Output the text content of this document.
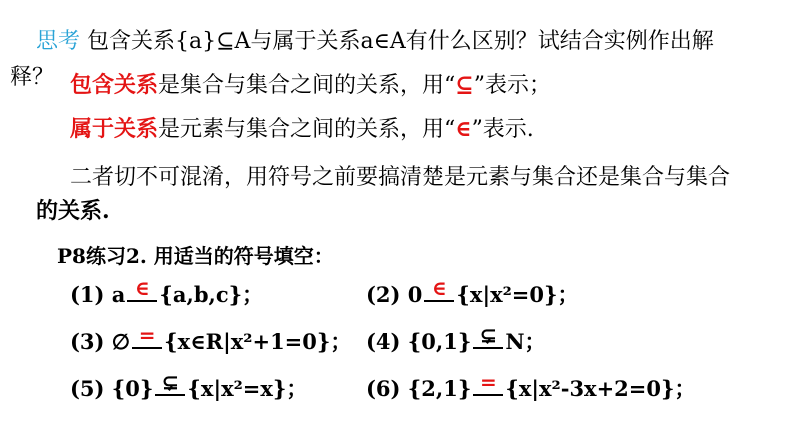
思考 包含关系{a}⊆A与属于关系a∈A有什么区别？试结合实例作出解
释？ 包含关系是集合与集合之间的关系，用“⊆”表示；
属于关系是元素与集合之间的关系，用“∈”表示.
二者切不可混淆，用符号之前要搞清楚是元素与集合还是集合与集合
的关系.
P8练习2. 用适当的符号填空：
(1) a ∈ {a,b,c}；	(2) 0 ∈ {x|x²=0}；
(3) ∅ = {x∈R|x²+1=0}； (4) {0,1} ⊊ N；
(5) {0} ⊊ {x|x²=x}；	(6) {2,1} = {x|x²-3x+2=0}；
